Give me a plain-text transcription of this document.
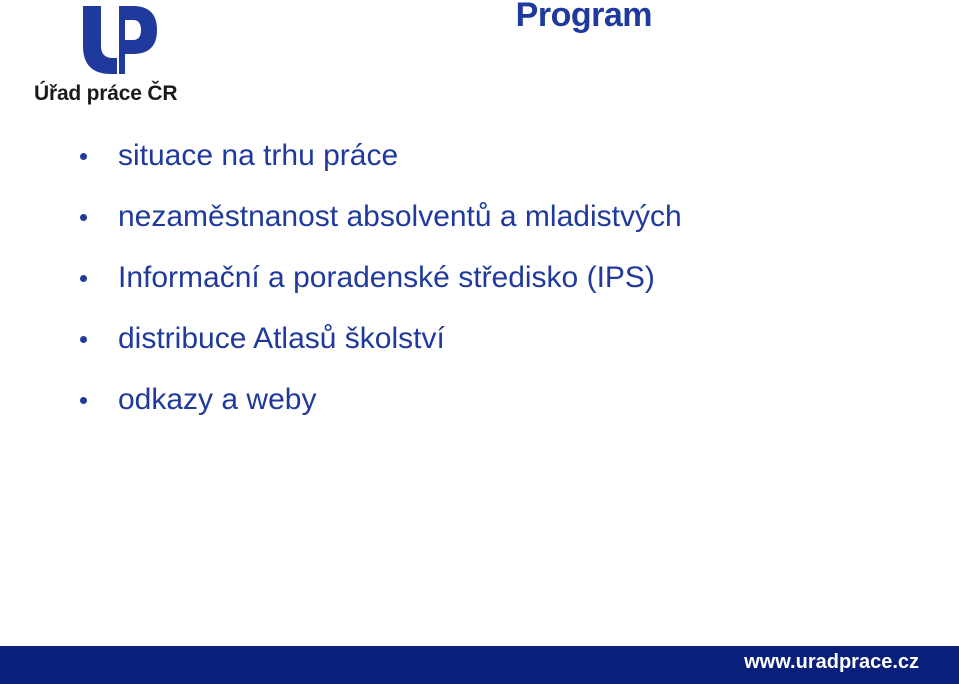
Úřad práce ČR
Program
situace na trhu práce
nezaměstnanost absolventů a mladistvých
Informační a poradenské středisko (IPS)
distribuce Atlasů školství
odkazy a weby
www.uradprace.cz
